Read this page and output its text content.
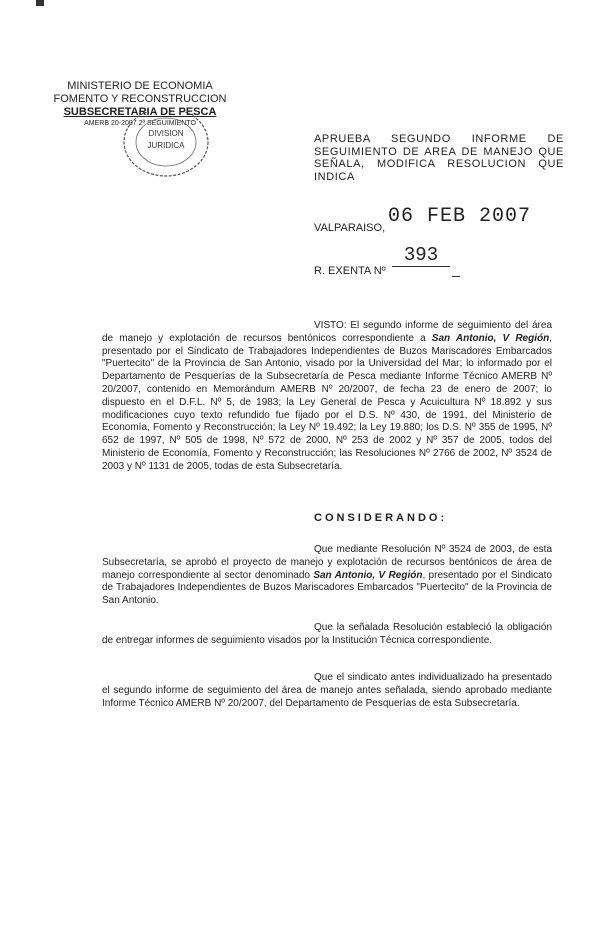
MINISTERIO DE ECONOMIA
FOMENTO Y RECONSTRUCCION
SUBSECRETARIA DE PESCA
AMERB 20-2007 2ª SEGUIMIENTO
DIVISION
JURIDICA
APRUEBA SEGUNDO INFORME DE SEGUIMIENTO DE AREA DE MANEJO QUE SEÑALA, MODIFICA RESOLUCION QUE INDICA
06 FEB 2007
VALPARAISO,
R. EXENTA Nº
393
VISTO: El segundo informe de seguimiento del área de manejo y explotación de recursos bentónicos correspondiente a San Antonio, V Región, presentado por el Sindicato de Trabajadores Independientes de Buzos Mariscadores Embarcados "Puertecito" de la Provincia de San Antonio, visado por la Universidad del Mar; lo informado por el Departamento de Pesquerías de la Subsecretaría de Pesca mediante Informe Técnico AMERB Nº 20/2007, contenido en Memorándum AMERB Nº 20/2007, de fecha 23 de enero de 2007; lo dispuesto en el D.F.L. Nº 5, de 1983; la Ley General de Pesca y Acuicultura Nº 18.892 y sus modificaciones cuyo texto refundido fue fijado por el D.S. Nº 430, de 1991, del Ministerio de Economía, Fomento y Reconstrucción; la Ley Nº 19.492; la Ley 19.880; los D.S. Nº 355 de 1995, Nº 652 de 1997, Nº 505 de 1998, Nº 572 de 2000, Nº 253 de 2002 y Nº 357 de 2005, todos del Ministerio de Economía, Fomento y Reconstrucción; las Resoluciones Nº 2766 de 2002, Nº 3524 de 2003 y Nº 1131 de 2005, todas de esta Subsecretaría.
CONSIDERANDO:
Que mediante Resolución Nº 3524 de 2003, de esta Subsecretaría, se aprobó el proyecto de manejo y explotación de recursos bentónicos de área de manejo correspondiente al sector denominado San Antonio, V Región, presentado por el Sindicato de Trabajadores Independientes de Buzos Mariscadores Embarcados "Puertecito" de la Provincia de San Antonio.
Que la señalada Resolución estableció la obligación de entregar informes de seguimiento visados por la Institución Técnica correspondiente.
Que el sindicato antes individualizado ha presentado el segundo informe de seguimiento del área de manejo antes señalada, siendo aprobado mediante Informe Técnico AMERB Nº 20/2007, del Departamento de Pesquerías de esta Subsecretaría.
